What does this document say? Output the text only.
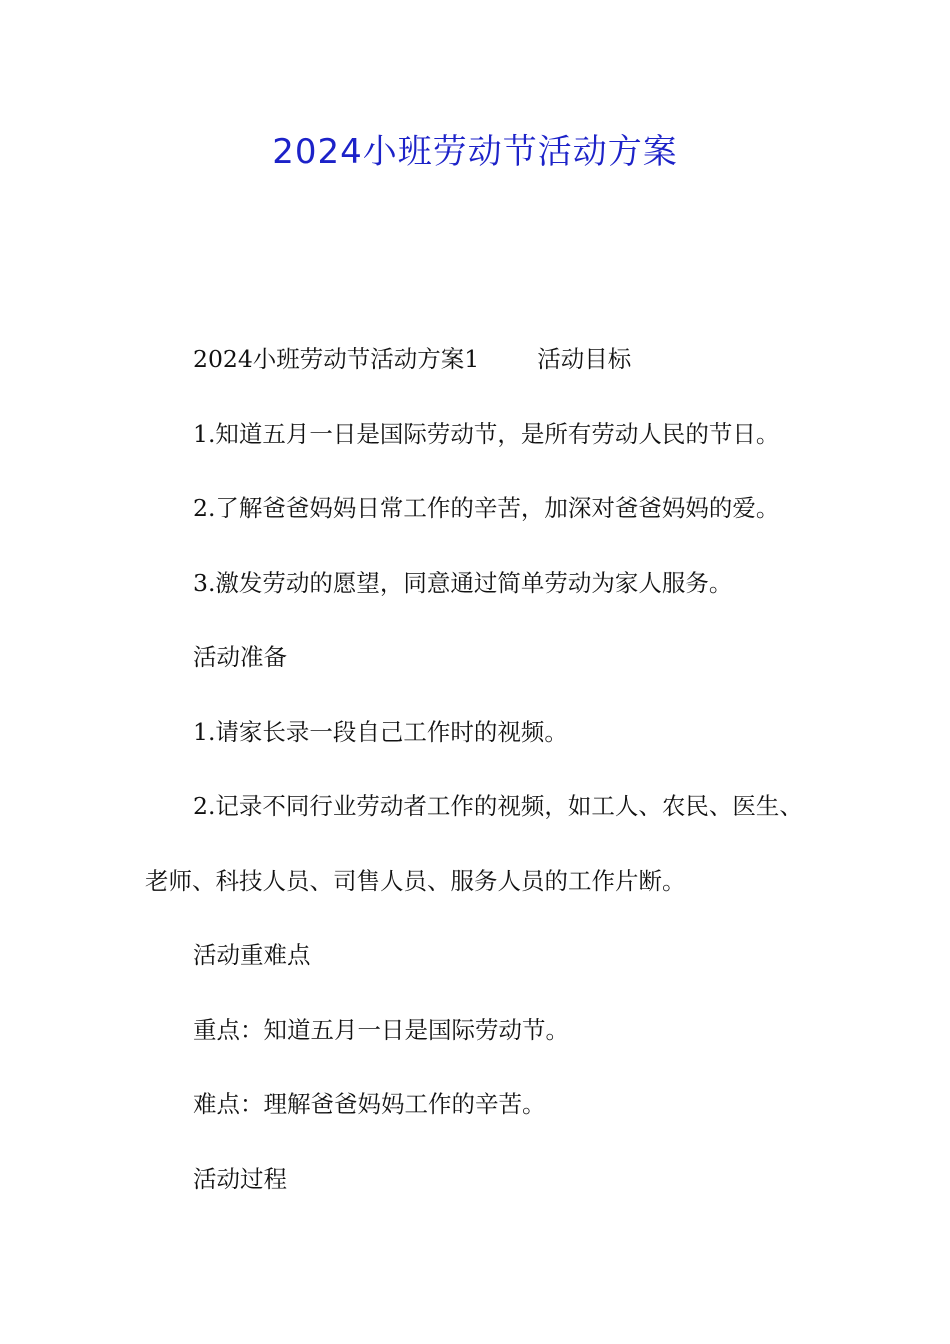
2024小班劳动节活动方案

2024小班劳动节活动方案1 活动目标

1.知道五月一日是国际劳动节，是所有劳动人民的节日。

2.了解爸爸妈妈日常工作的辛苦，加深对爸爸妈妈的爱。

3.激发劳动的愿望，同意通过简单劳动为家人服务。

活动准备

1.请家长录一段自己工作时的视频。

2.记录不同行业劳动者工作的视频，如工人、农民、医生、

老师、科技人员、司售人员、服务人员的工作片断。

活动重难点

重点：知道五月一日是国际劳动节。

难点：理解爸爸妈妈工作的辛苦。

活动过程
